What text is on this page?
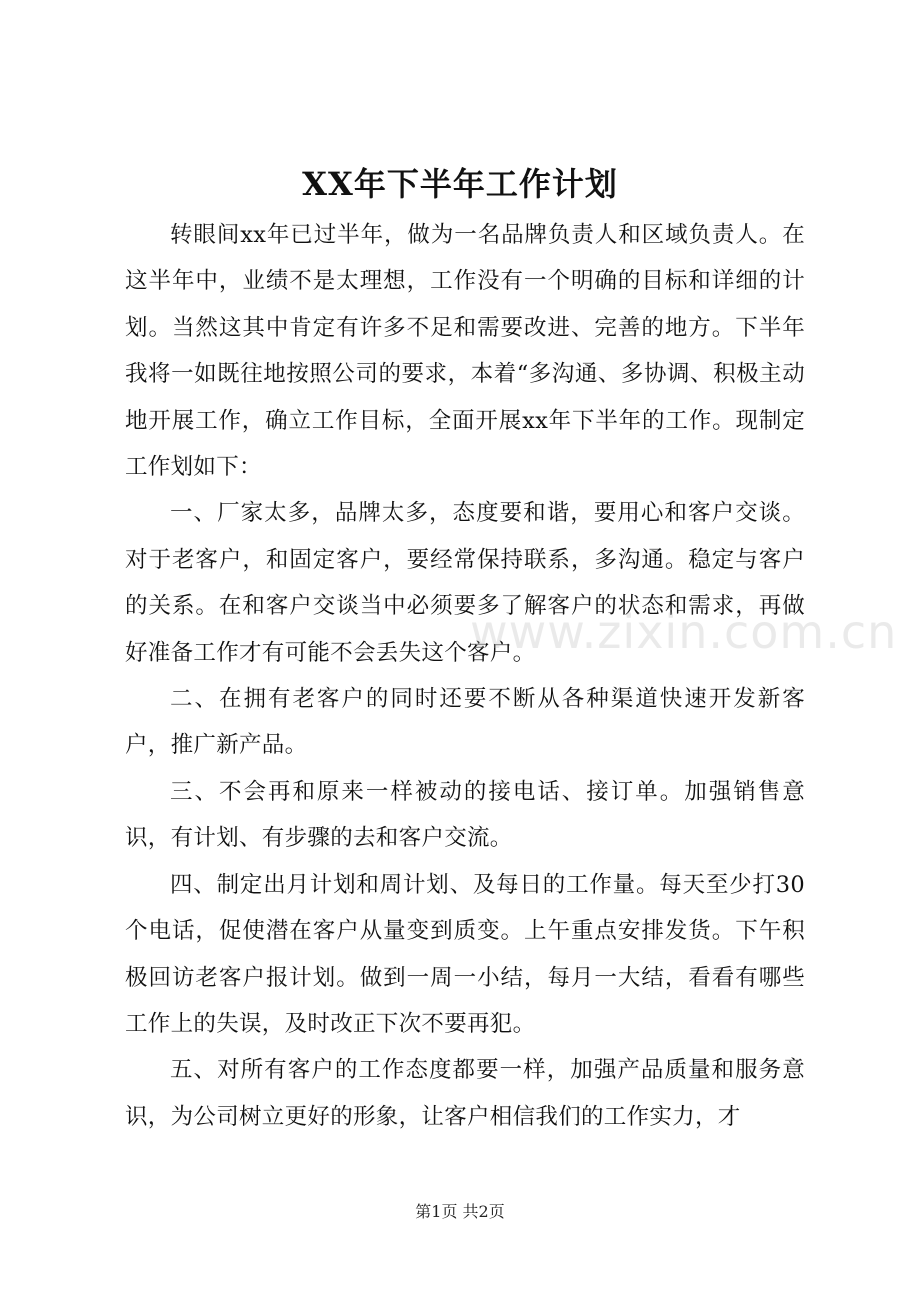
XX年下半年工作计划

转眼间xx年已过半年，做为一名品牌负责人和区域负责人。在这半年中，业绩不是太理想，工作没有一个明确的目标和详细的计划。当然这其中肯定有许多不足和需要改进、完善的地方。下半年我将一如既往地按照公司的要求，本着“多沟通、多协调、积极主动地开展工作，确立工作目标，全面开展xx年下半年的工作。现制定工作划如下：

一、厂家太多，品牌太多，态度要和谐，要用心和客户交谈。对于老客户，和固定客户，要经常保持联系，多沟通。稳定与客户的关系。在和客户交谈当中必须要多了解客户的状态和需求，再做好准备工作才有可能不会丢失这个客户。

二、在拥有老客户的同时还要不断从各种渠道快速开发新客户，推广新产品。

三、不会再和原来一样被动的接电话、接订单。加强销售意识，有计划、有步骤的去和客户交流。

四、制定出月计划和周计划、及每日的工作量。每天至少打30个电话，促使潜在客户从量变到质变。上午重点安排发货。下午积极回访老客户报计划。做到一周一小结，每月一大结，看看有哪些工作上的失误，及时改正下次不要再犯。

五、对所有客户的工作态度都要一样，加强产品质量和服务意识，为公司树立更好的形象，让客户相信我们的工作实力，才

www.zixin.com.cn
第1页 共2页
